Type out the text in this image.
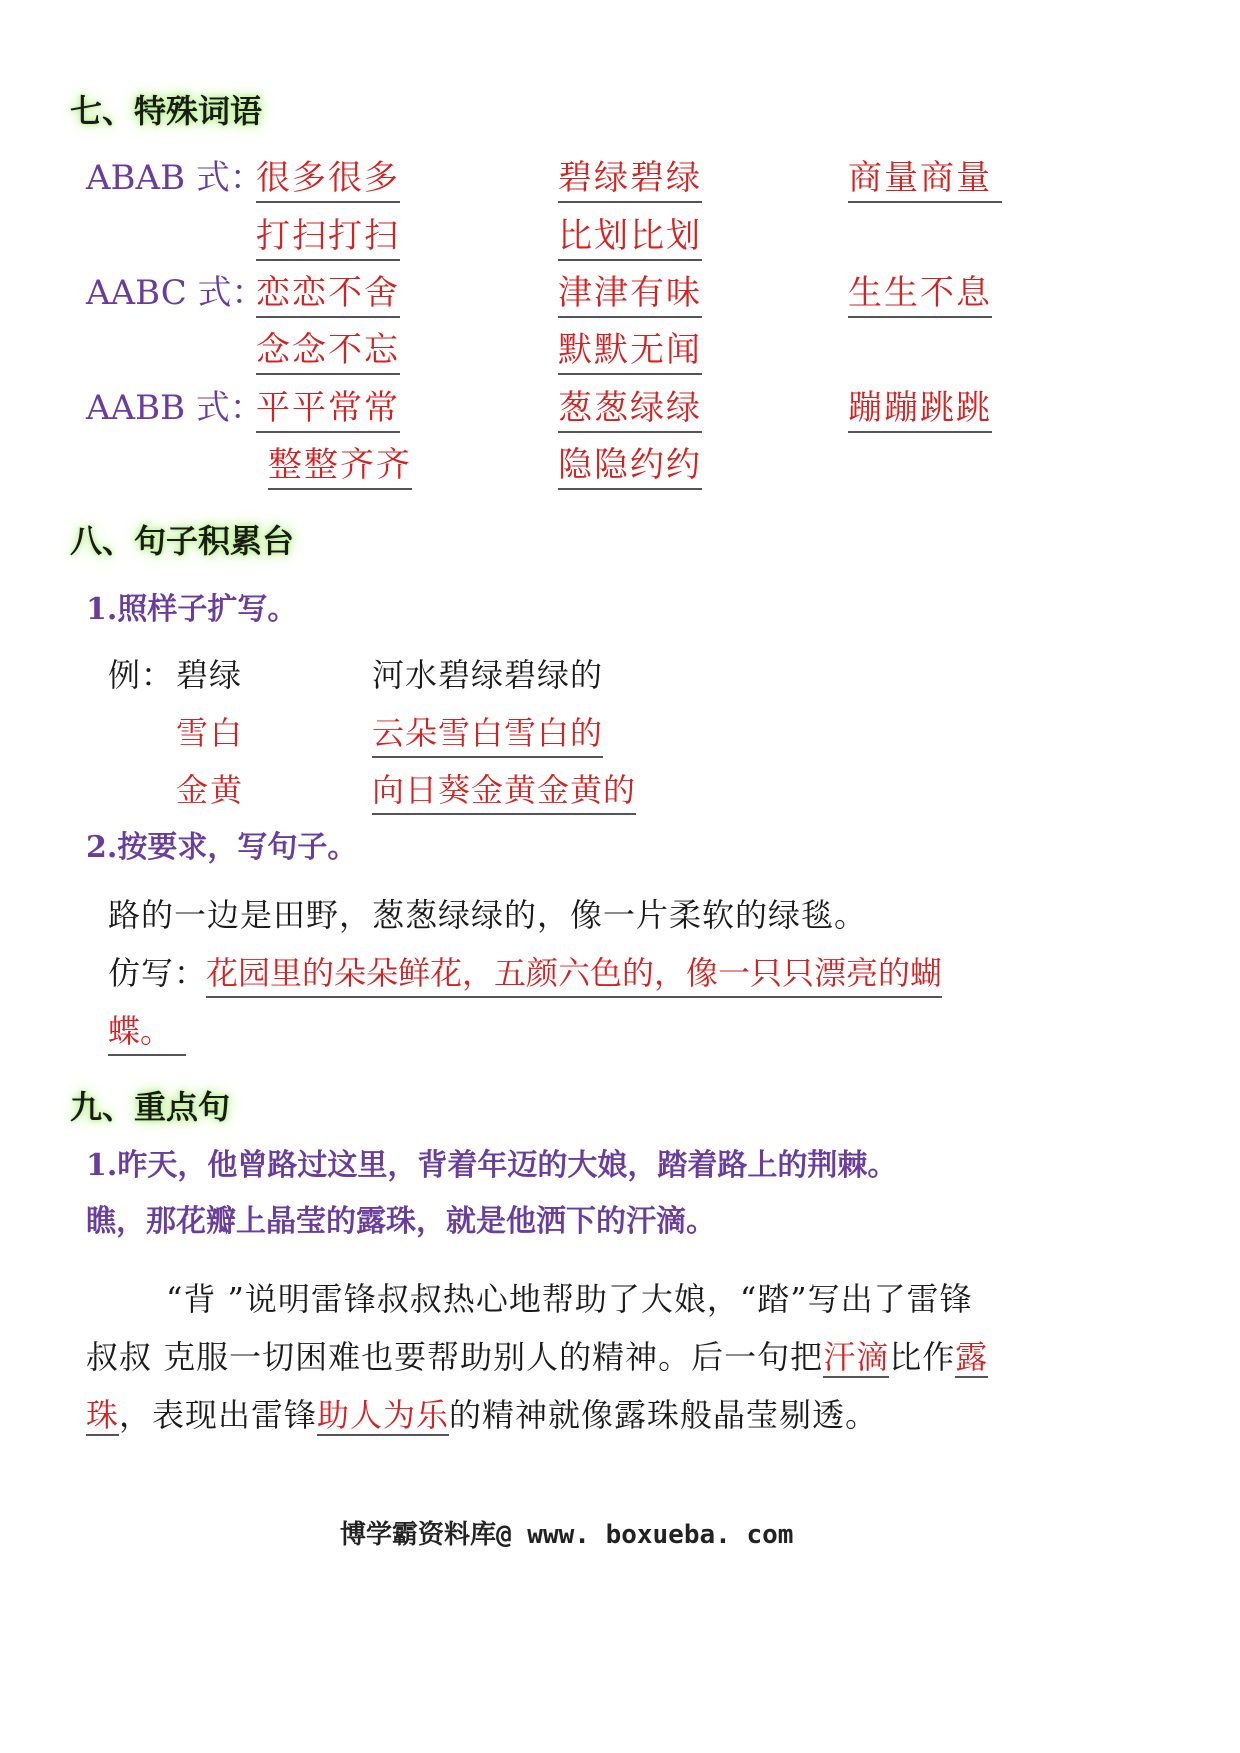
七、特殊词语
ABAB 式：
很多很多	碧绿碧绿	商量商量
打扫打扫	比划比划
AABC 式：
恋恋不舍	津津有味	生生不息
念念不忘	默默无闻
AABB 式：
平平常常	葱葱绿绿	蹦蹦跳跳
整整齐齐	隐隐约约
八、句子积累台
1.照样子扩写。
例： 碧绿	河水碧绿碧绿的
雪白	云朵雪白雪白的
金黄	向日葵金黄金黄的
2.按要求，写句子。
路的一边是田野，葱葱绿绿的，像一片柔软的绿毯。
仿写：
花园里的朵朵鲜花，五颜六色的，像一只只漂亮的蝴
蝶。
九、重点句
1.昨天，他曾路过这里，背着年迈的大娘，踏着路上的荆棘。
瞧，那花瓣上晶莹的露珠，就是他洒下的汗滴。
“背 ”说明雷锋叔叔热心地帮助了大娘，“踏”写出了雷锋
叔叔 克服一切困难也要帮助别人的精神。后一句把汗滴比作露
珠，表现出雷锋助人为乐的精神就像露珠般晶莹剔透。
博学霸资料库@ www. boxueba. com
